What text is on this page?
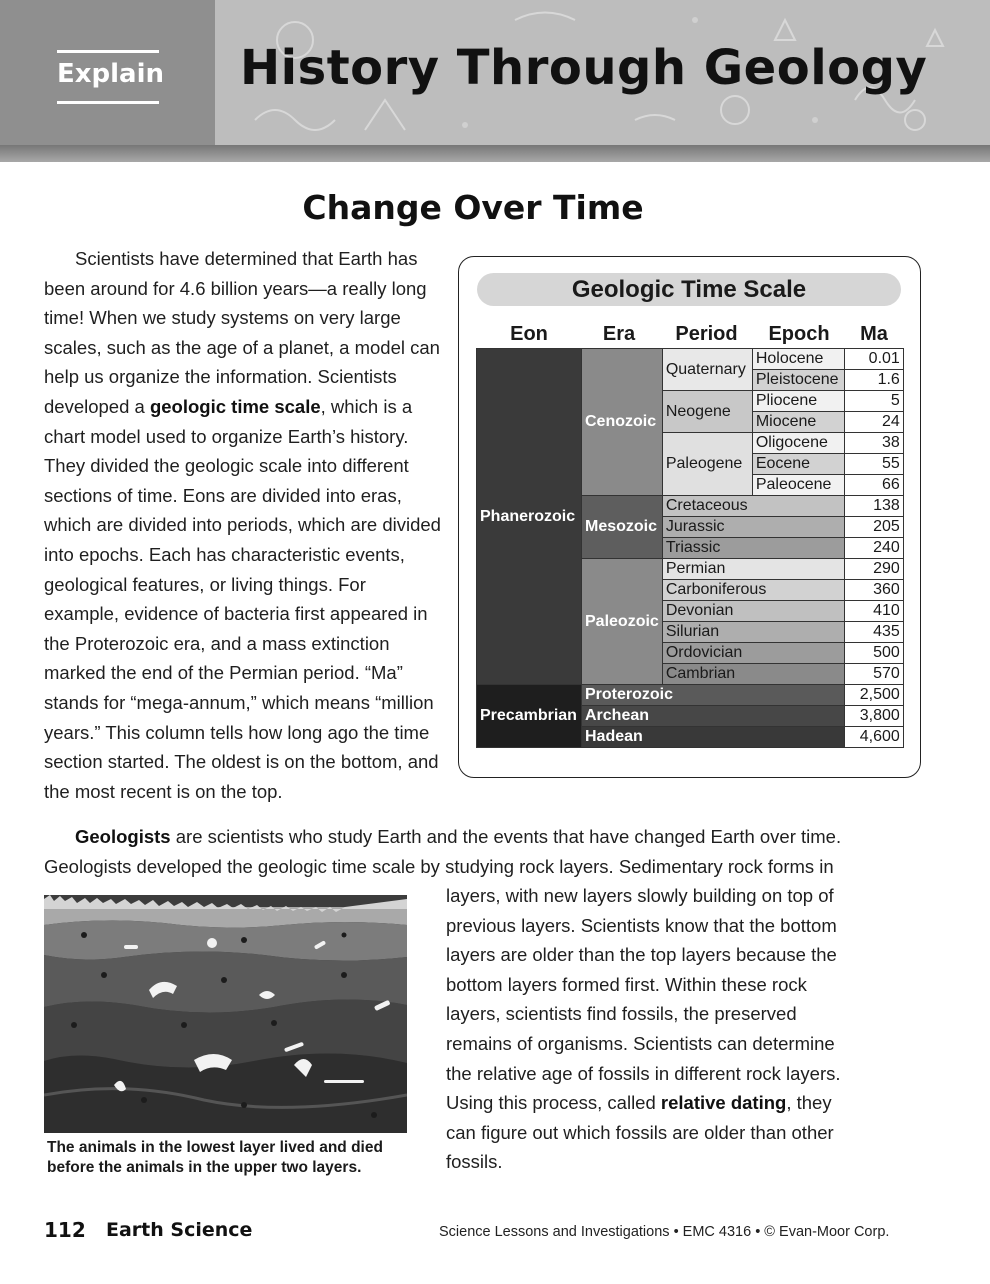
Explain History Through Geology
Change Over Time

Scientists have determined that Earth has been around for 4.6 billion years—a really long time! When we study systems on very large scales, such as the age of a planet, a model can help us organize the information. Scientists developed a geologic time scale, which is a chart model used to organize Earth’s history. They divided the geologic scale into different sections of time. Eons are divided into eras, which are divided into periods, which are divided into epochs. Each has characteristic events, geological features, or living things. For example, evidence of bacteria first appeared in the Proterozoic era, and a mass extinction marked the end of the Permian period. “Ma” stands for “mega-annum,” which means “million years.” This column tells how long ago the time section started. The oldest is on the bottom, and the most recent is on the top.

Geologic Time Scale
Eon	Era	Period	Epoch	Ma
Phanerozoic	Cenozoic	Quaternary	Holocene	0.01
			Pleistocene	1.6
		Neogene	Pliocene	5
			Miocene	24
		Paleogene	Oligocene	38
			Eocene	55
			Paleocene	66
	Mesozoic	Cretaceous		138
		Jurassic		205
		Triassic		240
	Paleozoic	Permian		290
		Carboniferous		360
		Devonian		410
		Silurian		435
		Ordovician		500
		Cambrian		570
Precambrian	Proterozoic			2,500
	Archean			3,800
	Hadean			4,600

Geologists are scientists who study Earth and the events that have changed Earth over time. Geologists developed the geologic time scale by studying rock layers. Sedimentary rock forms in

The animals in the lowest layer lived and died before the animals in the upper two layers.

layers, with new layers slowly building on top of previous layers. Scientists know that the bottom layers are older than the top layers because the bottom layers formed first. Within these rock layers, scientists find fossils, the preserved remains of organisms. Scientists can determine the relative age of fossils in different rock layers. Using this process, called relative dating, they can figure out which fossils are older than other fossils.

112 Earth Science	Science Lessons and Investigations • EMC 4316 • © Evan-Moor Corp.
